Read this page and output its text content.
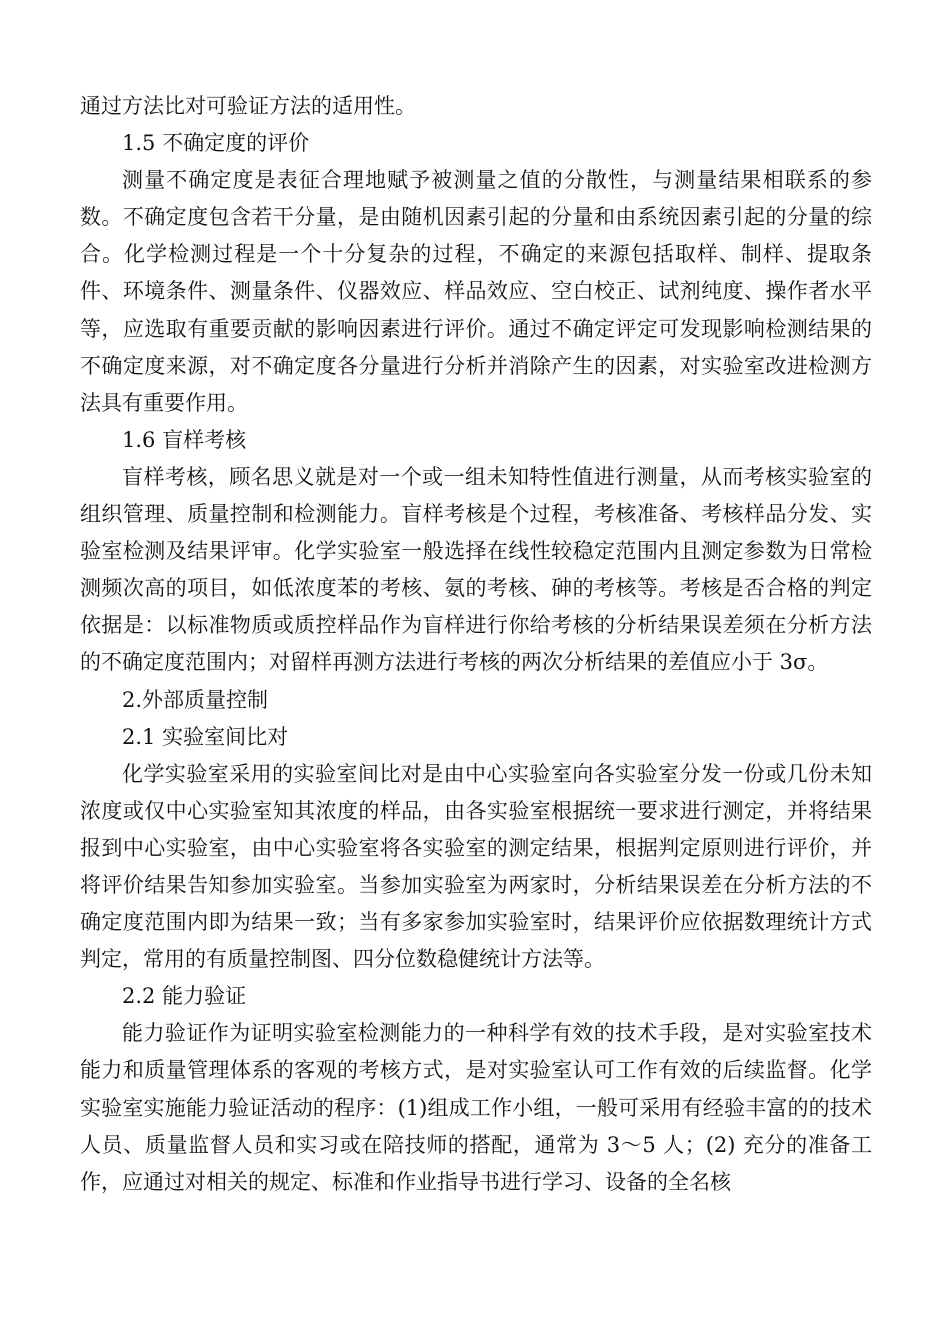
通过方法比对可验证方法的适用性。

1.5 不确定度的评价

测量不确定度是表征合理地赋予被测量之值的分散性，与测量结果相联系的参数。不确定度包含若干分量，是由随机因素引起的分量和由系统因素引起的分量的综合。化学检测过程是一个十分复杂的过程，不确定的来源包括取样、制样、提取条件、环境条件、测量条件、仪器效应、样品效应、空白校正、试剂纯度、操作者水平等，应选取有重要贡献的影响因素进行评价。通过不确定评定可发现影响检测结果的不确定度来源，对不确定度各分量进行分析并消除产生的因素，对实验室改进检测方法具有重要作用。

1.6 盲样考核

盲样考核，顾名思义就是对一个或一组未知特性值进行测量，从而考核实验室的组织管理、质量控制和检测能力。盲样考核是个过程，考核准备、考核样品分发、实验室检测及结果评审。化学实验室一般选择在线性较稳定范围内且测定参数为日常检测频次高的项目，如低浓度苯的考核、氨的考核、砷的考核等。考核是否合格的判定依据是：以标准物质或质控样品作为盲样进行你给考核的分析结果误差须在分析方法的不确定度范围内；对留样再测方法进行考核的两次分析结果的差值应小于 3σ。

2.外部质量控制

2.1 实验室间比对

化学实验室采用的实验室间比对是由中心实验室向各实验室分发一份或几份未知浓度或仅中心实验室知其浓度的样品，由各实验室根据统一要求进行测定，并将结果报到中心实验室，由中心实验室将各实验室的测定结果，根据判定原则进行评价，并将评价结果告知参加实验室。当参加实验室为两家时，分析结果误差在分析方法的不确定度范围内即为结果一致；当有多家参加实验室时，结果评价应依据数理统计方式判定，常用的有质量控制图、四分位数稳健统计方法等。

2.2 能力验证

能力验证作为证明实验室检测能力的一种科学有效的技术手段，是对实验室技术能力和质量管理体系的客观的考核方式，是对实验室认可工作有效的后续监督。化学实验室实施能力验证活动的程序：(1)组成工作小组，一般可采用有经验丰富的的技术人员、质量监督人员和实习或在陪技师的搭配，通常为 3～5 人；(2) 充分的准备工作，应通过对相关的规定、标准和作业指导书进行学习、设备的全名核
